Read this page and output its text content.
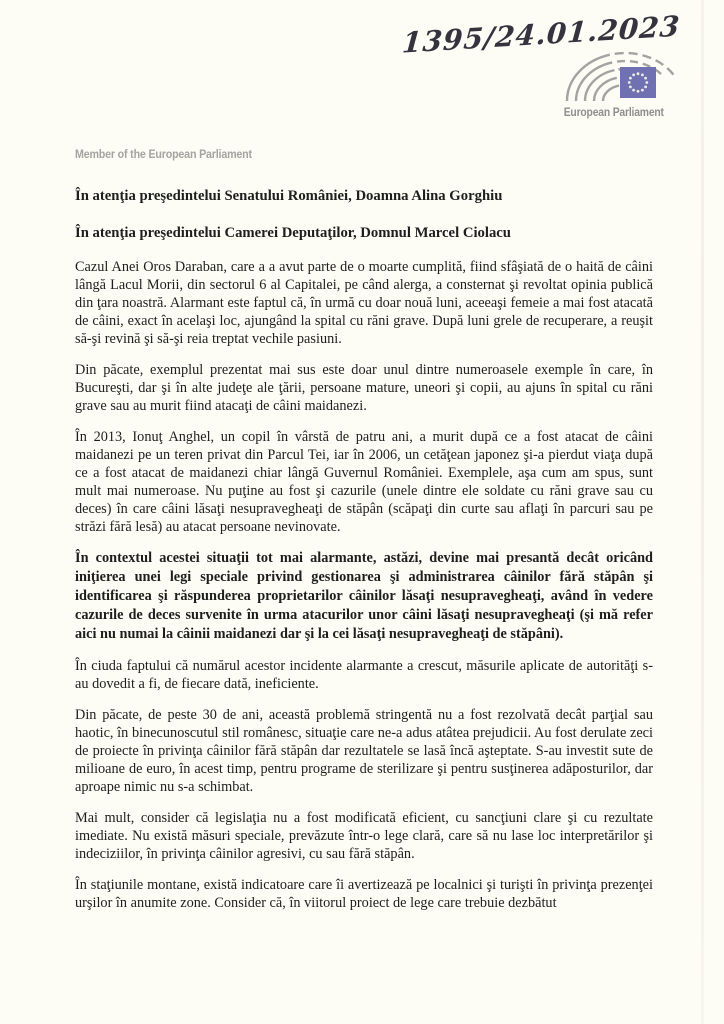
1395/24.01.2023
European Parliament
Member of the European Parliament

În atenţia preşedintelui Senatului României, Doamna Alina Gorghiu

În atenţia preşedintelui Camerei Deputaţilor, Domnul Marcel Ciolacu

Cazul Anei Oros Daraban, care a a avut parte de o moarte cumplită, fiind sfâşiată de o haită de câini lângă Lacul Morii, din sectorul 6 al Capitalei, pe când alerga, a consternat şi revoltat opinia publică din ţara noastră. Alarmant este faptul că, în urmă cu doar nouă luni, aceeaşi femeie a mai fost atacată de câini, exact în acelaşi loc, ajungând la spital cu răni grave. După luni grele de recuperare, a reuşit să-şi revină şi să-şi reia treptat vechile pasiuni.

Din păcate, exemplul prezentat mai sus este doar unul dintre numeroasele exemple în care, în Bucureşti, dar şi în alte judeţe ale ţării, persoane mature, uneori şi copii, au ajuns în spital cu răni grave sau au murit fiind atacaţi de câini maidanezi.

În 2013, Ionuţ Anghel, un copil în vârstă de patru ani, a murit după ce a fost atacat de câini maidanezi pe un teren privat din Parcul Tei, iar în 2006, un cetăţean japonez şi-a pierdut viaţa după ce a fost atacat de maidanezi chiar lângă Guvernul României. Exemplele, aşa cum am spus, sunt mult mai numeroase. Nu puţine au fost şi cazurile (unele dintre ele soldate cu răni grave sau cu deces) în care câini lăsaţi nesupravegheaţi de stăpân (scăpaţi din curte sau aflaţi în parcuri sau pe străzi fără lesă) au atacat persoane nevinovate.

În contextul acestei situaţii tot mai alarmante, astăzi, devine mai presantă decât oricând iniţierea unei legi speciale privind gestionarea şi administrarea câinilor fără stăpân şi identificarea şi răspunderea proprietarilor câinilor lăsaţi nesupravegheaţi, având în vedere cazurile de deces survenite în urma atacurilor unor câini lăsaţi nesupravegheaţi (şi mă refer aici nu numai la câinii maidanezi dar şi la cei lăsaţi nesupravegheaţi de stăpâni).

În ciuda faptului că numărul acestor incidente alarmante a crescut, măsurile aplicate de autorităţi s-au dovedit a fi, de fiecare dată, ineficiente.

Din păcate, de peste 30 de ani, această problemă stringentă nu a fost rezolvată decât parţial sau haotic, în binecunoscutul stil românesc, situaţie care ne-a adus atâtea prejudicii. Au fost derulate zeci de proiecte în privinţa câinilor fără stăpân dar rezultatele se lasă încă aşteptate. S-au investit sute de milioane de euro, în acest timp, pentru programe de sterilizare şi pentru susţinerea adăposturilor, dar aproape nimic nu s-a schimbat.

Mai mult, consider că legislaţia nu a fost modificată eficient, cu sancţiuni clare şi cu rezultate imediate. Nu există măsuri speciale, prevăzute într-o lege clară, care să nu lase loc interpretărilor şi indeciziilor, în privinţa câinilor agresivi, cu sau fără stăpân.

În staţiunile montane, există indicatoare care îi avertizează pe localnici şi turişti în privinţa prezenţei urşilor în anumite zone. Consider că, în viitorul proiect de lege care trebuie dezbătut
